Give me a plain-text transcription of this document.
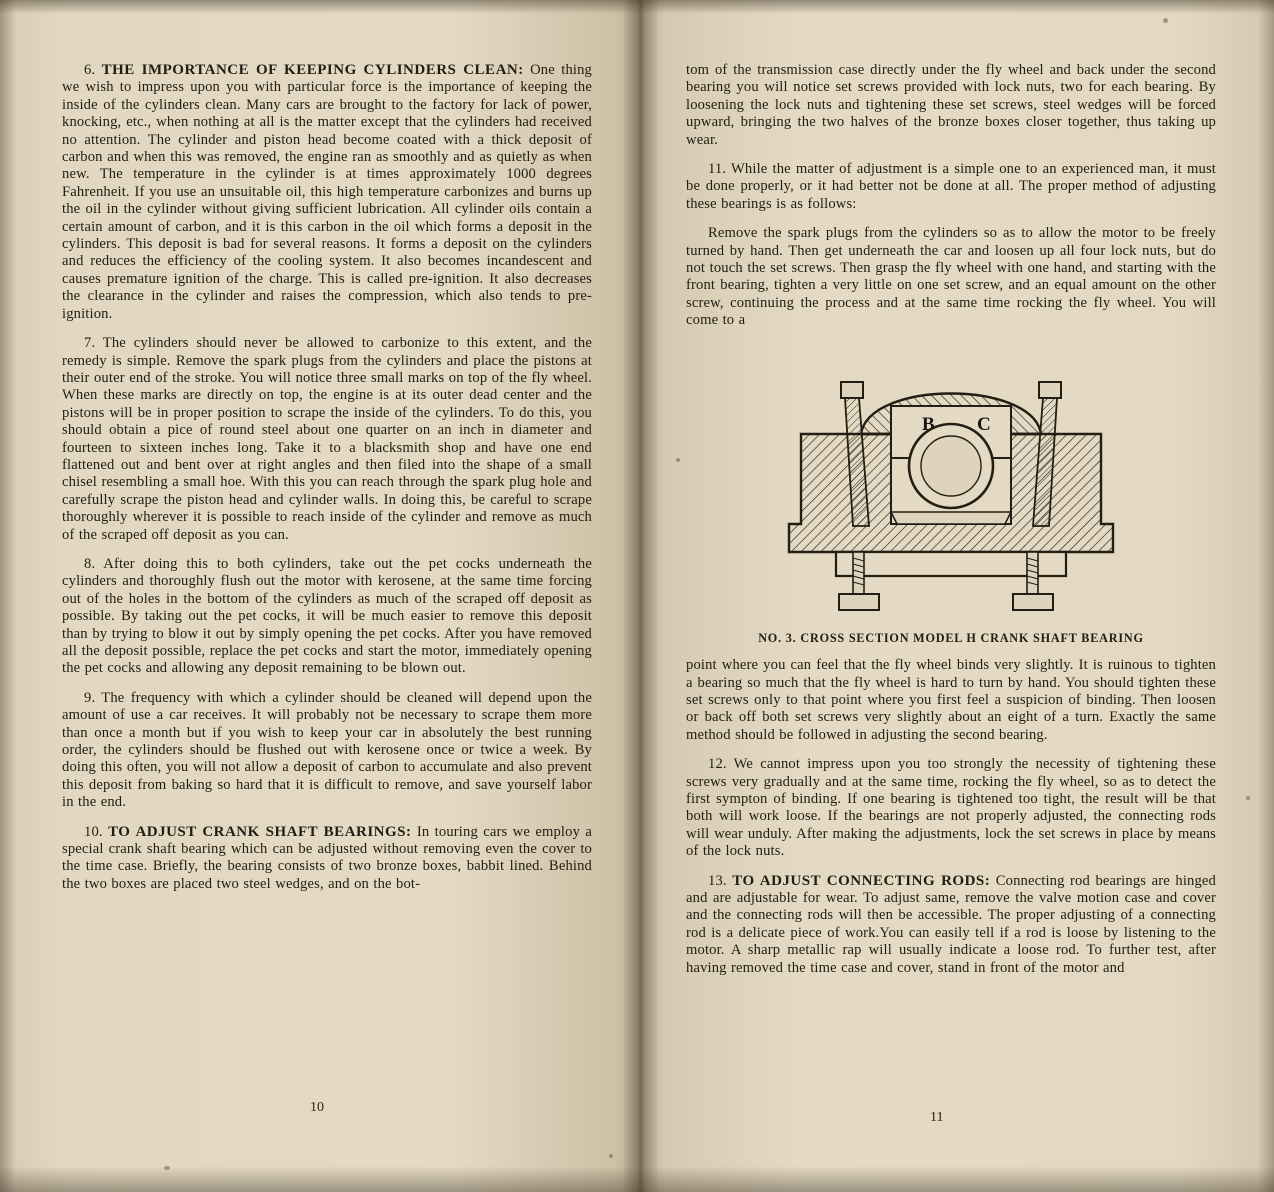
6. THE IMPORTANCE OF KEEPING CYLINDERS CLEAN: One thing we wish to impress upon you with particular force is the importance of keeping the inside of the cylinders clean. Many cars are brought to the factory for lack of power, knocking, etc., when nothing at all is the matter except that the cylinders had received no attention. The cylinder and piston head become coated with a thick deposit of carbon and when this was removed, the engine ran as smoothly and as quietly as when new. The temperature in the cylinder is at times approximately 1000 degrees Fahrenheit. If you use an unsuitable oil, this high temperature carbonizes and burns up the oil in the cylinder without giving sufficient lubrication. All cylinder oils contain a certain amount of carbon, and it is this carbon in the oil which forms a deposit in the cylinders. This deposit is bad for several reasons. It forms a deposit on the cylinders and reduces the efficiency of the cooling system. It also becomes incandescent and causes premature ignition of the charge. This is called pre-ignition. It also decreases the clearance in the cylinder and raises the compression, which also tends to pre-ignition.

7. The cylinders should never be allowed to carbonize to this extent, and the remedy is simple. Remove the spark plugs from the cylinders and place the pistons at their outer end of the stroke. You will notice three small marks on top of the fly wheel. When these marks are directly on top, the engine is at its outer dead center and the pistons will be in proper position to scrape the inside of the cylinders. To do this, you should obtain a pice of round steel about one quarter on an inch in diameter and fourteen to sixteen inches long. Take it to a blacksmith shop and have one end flattened out and bent over at right angles and then filed into the shape of a small chisel resembling a small hoe. With this you can reach through the spark plug hole and carefully scrape the piston head and cylinder walls. In doing this, be careful to scrape thoroughly wherever it is possible to reach inside of the cylinder and remove as much of the scraped off deposit as you can.

8. After doing this to both cylinders, take out the pet cocks underneath the cylinders and thoroughly flush out the motor with kerosene, at the same time forcing out of the holes in the bottom of the cylinders as much of the scraped off deposit as possible. By taking out the pet cocks, it will be much easier to remove this deposit than by trying to blow it out by simply opening the pet cocks. After you have removed all the deposit possible, replace the pet cocks and start the motor, immediately opening the pet cocks and allowing any deposit remaining to be blown out.

9. The frequency with which a cylinder should be cleaned will depend upon the amount of use a car receives. It will probably not be necessary to scrape them more than once a month but if you wish to keep your car in absolutely the best running order, the cylinders should be flushed out with kerosene once or twice a week. By doing this often, you will not allow a deposit of carbon to accumulate and also prevent this deposit from baking so hard that it is difficult to remove, and save yourself labor in the end.

10. TO ADJUST CRANK SHAFT BEARINGS: In touring cars we employ a special crank shaft bearing which can be adjusted without removing even the cover to the time case. Briefly, the bearing consists of two bronze boxes, babbit lined. Behind the two boxes are placed two steel wedges, and on the bot-

tom of the transmission case directly under the fly wheel and back under the second bearing you will notice set screws provided with lock nuts, two for each bearing. By loosening the lock nuts and tightening these set screws, steel wedges will be forced upward, bringing the two halves of the bronze boxes closer together, thus taking up wear.

11. While the matter of adjustment is a simple one to an experienced man, it must be done properly, or it had better not be done at all. The proper method of adjusting these bearings is as follows:

Remove the spark plugs from the cylinders so as to allow the motor to be freely turned by hand. Then get underneath the car and loosen up all four lock nuts, but do not touch the set screws. Then grasp the fly wheel with one hand, and starting with the front bearing, tighten a very little on one set screw, and an equal amount on the other screw, continuing the process and at the same time rocking the fly wheel. You will come to a

B C
NO. 3. CROSS SECTION MODEL H CRANK SHAFT BEARING

point where you can feel that the fly wheel binds very slightly. It is ruinous to tighten a bearing so much that the fly wheel is hard to turn by hand. You should tighten these set screws only to that point where you first feel a suspicion of binding. Then loosen or back off both set screws very slightly about an eight of a turn. Exactly the same method should be followed in adjusting the second bearing.

12. We cannot impress upon you too strongly the necessity of tightening these screws very gradually and at the same time, rocking the fly wheel, so as to detect the first sympton of binding. If one bearing is tightened too tight, the result will be that both will work loose. If the bearings are not properly adjusted, the connecting rods will wear unduly. After making the adjustments, lock the set screws in place by means of the lock nuts.

13. TO ADJUST CONNECTING RODS: Connecting rod bearings are hinged and are adjustable for wear. To adjust same, remove the valve motion case and cover and the connecting rods will then be accessible. The proper adjusting of a connecting rod is a delicate piece of work.You can easily tell if a rod is loose by listening to the motor. A sharp metallic rap will usually indicate a loose rod. To further test, after having removed the time case and cover, stand in front of the motor and

10
11
